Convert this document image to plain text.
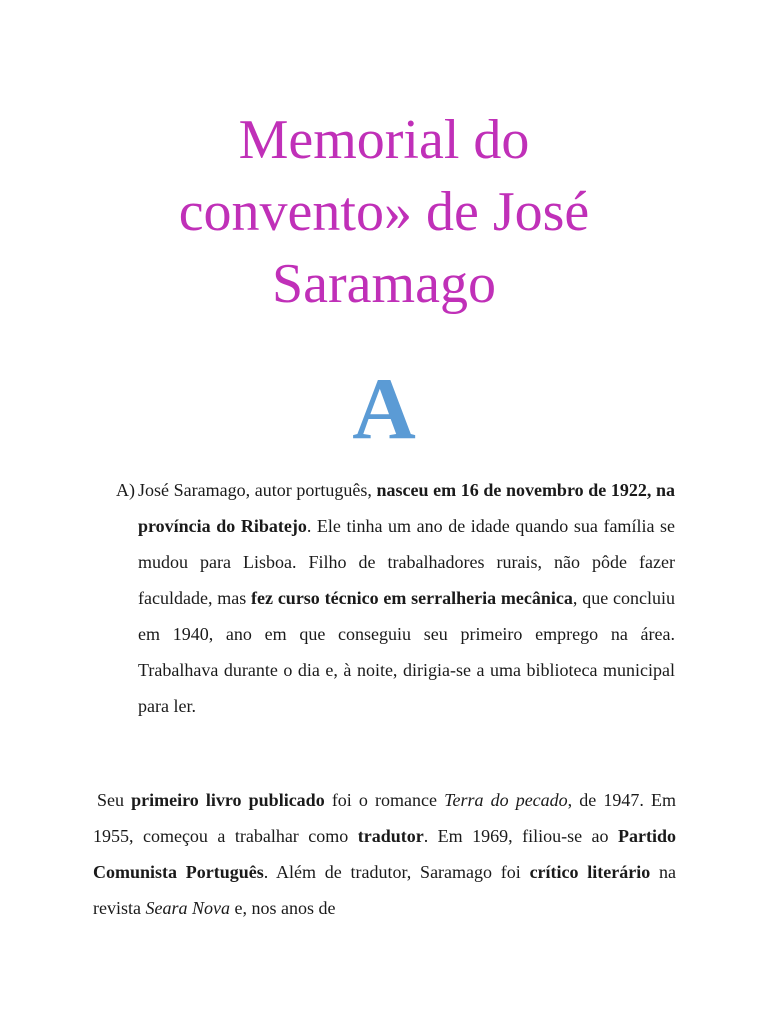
Memorial do
convento» de José
Saramago
A
A) José Saramago, autor português, nasceu em 16 de novembro de 1922, na província do Ribatejo. Ele tinha um ano de idade quando sua família se mudou para Lisboa. Filho de trabalhadores rurais, não pôde fazer faculdade, mas fez curso técnico em serralheria mecânica, que concluiu em 1940, ano em que conseguiu seu primeiro emprego na área. Trabalhava durante o dia e, à noite, dirigia-se a uma biblioteca municipal para ler.
Seu primeiro livro publicado foi o romance Terra do pecado, de 1947. Em 1955, começou a trabalhar como tradutor. Em 1969, filiou-se ao Partido Comunista Português. Além de tradutor, Saramago foi crítico literário na revista Seara Nova e, nos anos de
